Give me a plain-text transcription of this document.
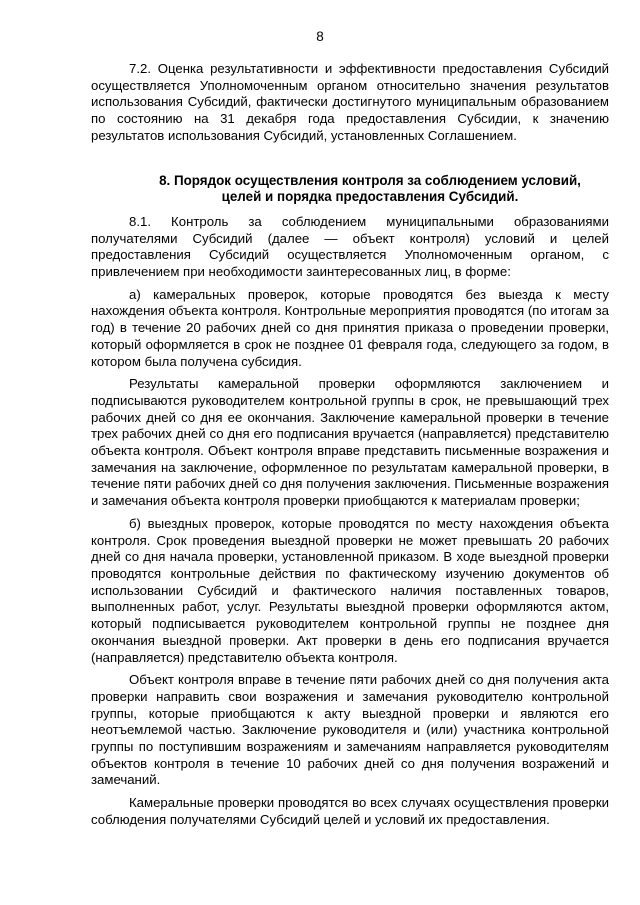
8

7.2. Оценка результативности и эффективности предоставления Субсидий осуществляется Уполномоченным органом относительно значения результатов использования Субсидий, фактически достигнутого муниципальным образованием по состоянию на 31 декабря года предоставления Субсидии, к значению результатов использования Субсидий, установленных Соглашением.

8. Порядок осуществления контроля за соблюдением условий,
целей и порядка предоставления Субсидий.

8.1. Контроль за соблюдением муниципальными образованиями получателями Субсидий (далее — объект контроля) условий и целей предоставления Субсидий осуществляется Уполномоченным органом, с привлечением при необходимости заинтересованных лиц, в форме:

а) камеральных проверок, которые проводятся без выезда к месту нахождения объекта контроля. Контрольные мероприятия проводятся (по итогам за год) в течение 20 рабочих дней со дня принятия приказа о проведении проверки, который оформляется в срок не позднее 01 февраля года, следующего за годом, в котором была получена субсидия.

Результаты камеральной проверки оформляются заключением и подписываются руководителем контрольной группы в срок, не превышающий трех рабочих дней со дня ее окончания. Заключение камеральной проверки в течение трех рабочих дней со дня его подписания вручается (направляется) представителю объекта контроля. Объект контроля вправе представить письменные возражения и замечания на заключение, оформленное по результатам камеральной проверки, в течение пяти рабочих дней со дня получения заключения. Письменные возражения и замечания объекта контроля проверки приобщаются к материалам проверки;

б) выездных проверок, которые проводятся по месту нахождения объекта контроля. Срок проведения выездной проверки не может превышать 20 рабочих дней со дня начала проверки, установленной приказом. В ходе выездной проверки проводятся контрольные действия по фактическому изучению документов об использовании Субсидий и фактического наличия поставленных товаров, выполненных работ, услуг. Результаты выездной проверки оформляются актом, который подписывается руководителем контрольной группы не позднее дня окончания выездной проверки. Акт проверки в день его подписания вручается (направляется) представителю объекта контроля.

Объект контроля вправе в течение пяти рабочих дней со дня получения акта проверки направить свои возражения и замечания руководителю контрольной группы, которые приобщаются к акту выездной проверки и являются его неотъемлемой частью. Заключение руководителя и (или) участника контрольной группы по поступившим возражениям и замечаниям направляется руководителям объектов контроля в течение 10 рабочих дней со дня получения возражений и замечаний.

Камеральные проверки проводятся во всех случаях осуществления проверки соблюдения получателями Субсидий целей и условий их предоставления.
